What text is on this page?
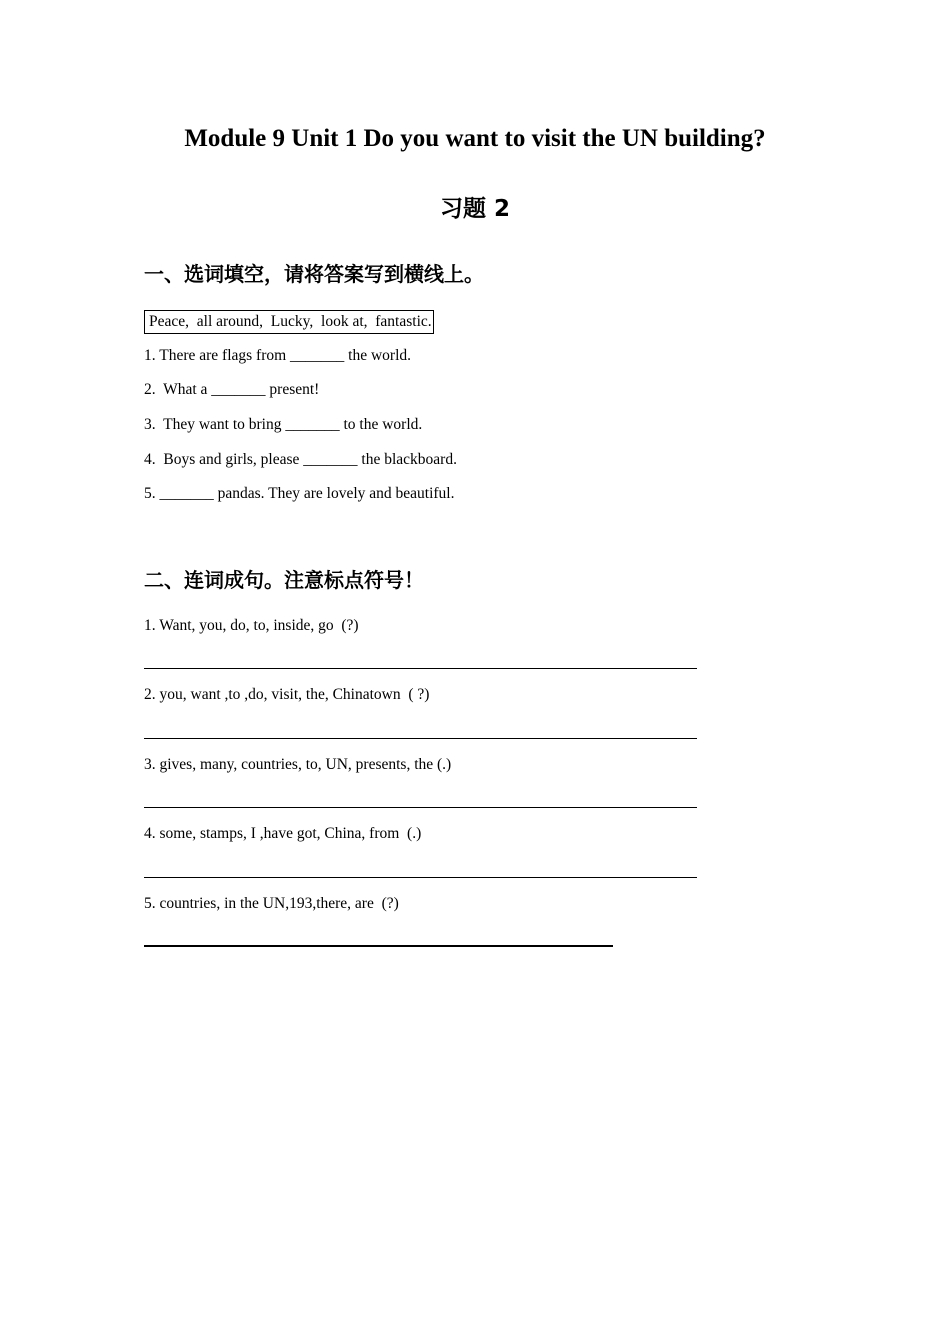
Module 9 Unit 1 Do you want to visit the UN building?
习题 2
一、选词填空，请将答案写到横线上。
Peace,  all around,  Lucky,  look at,  fantastic.
1. There are flags from _______ the world.
2.  What a _______ present!
3.  They want to bring _______ to the world.
4.  Boys and girls, please _______ the blackboard.
5. _______ pandas. They are lovely and beautiful.
二、连词成句。注意标点符号！
1. Want, you, do, to, inside, go  (?)
2. you, want ,to ,do, visit, the, Chinatown  ( ?)
3. gives, many, countries, to, UN, presents, the (.)
4. some, stamps, I ,have got, China, from  (.)
5. countries, in the UN,193,there, are  (?)
